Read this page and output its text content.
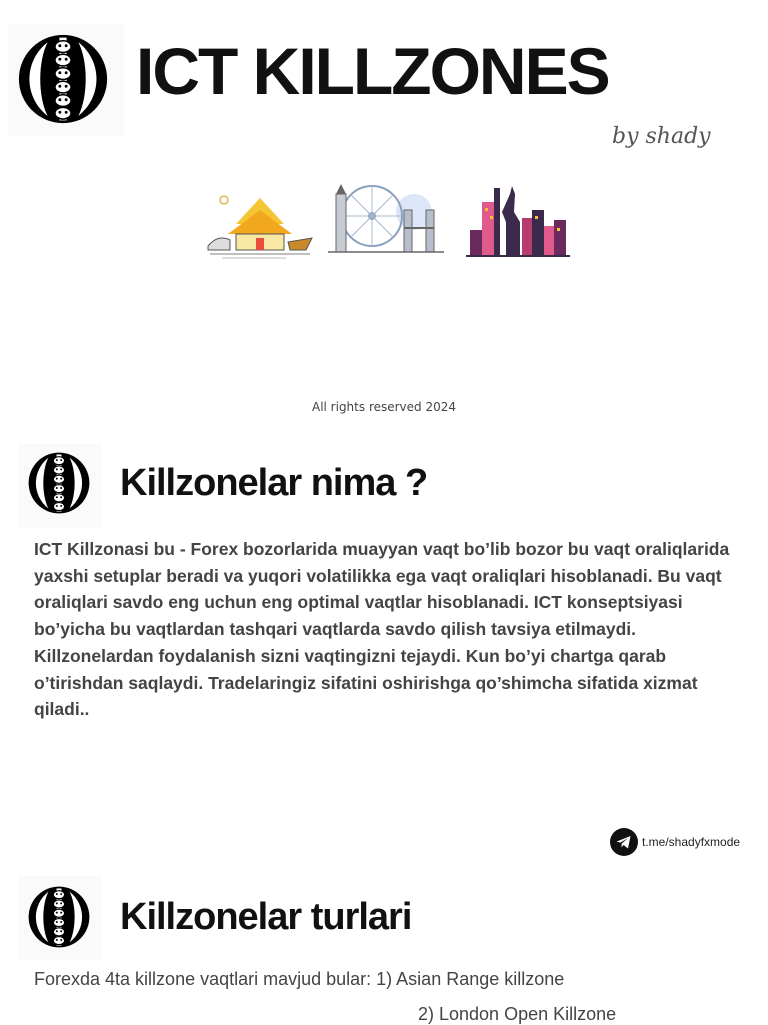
ICT KILLZONES
by shady
All rights reserved 2024
Killzonelar nima ?
ICT Killzonasi bu - Forex bozorlarida muayyan vaqt bo’lib bozor bu vaqt oraliqlarida yaxshi setuplar beradi va yuqori volatilikka ega vaqt oraliqlari hisoblanadi. Bu vaqt oraliqlari savdo eng uchun eng optimal vaqtlar hisoblanadi. ICT konseptsiyasi bo’yicha bu vaqtlardan tashqari vaqtlarda savdo qilish tavsiya etilmaydi. Killzonelardan foydalanish sizni vaqtingizni tejaydi. Kun bo’yi chartga qarab o’tirishdan saqlaydi. Tradelaringiz sifatini oshirishga qo’shimcha sifatida xizmat qiladi..
t.me/shadyfxmode
Killzonelar turlari
Forexda 4ta killzone vaqtlari mavjud bular: 1) Asian Range killzone
2) London Open Killzone
